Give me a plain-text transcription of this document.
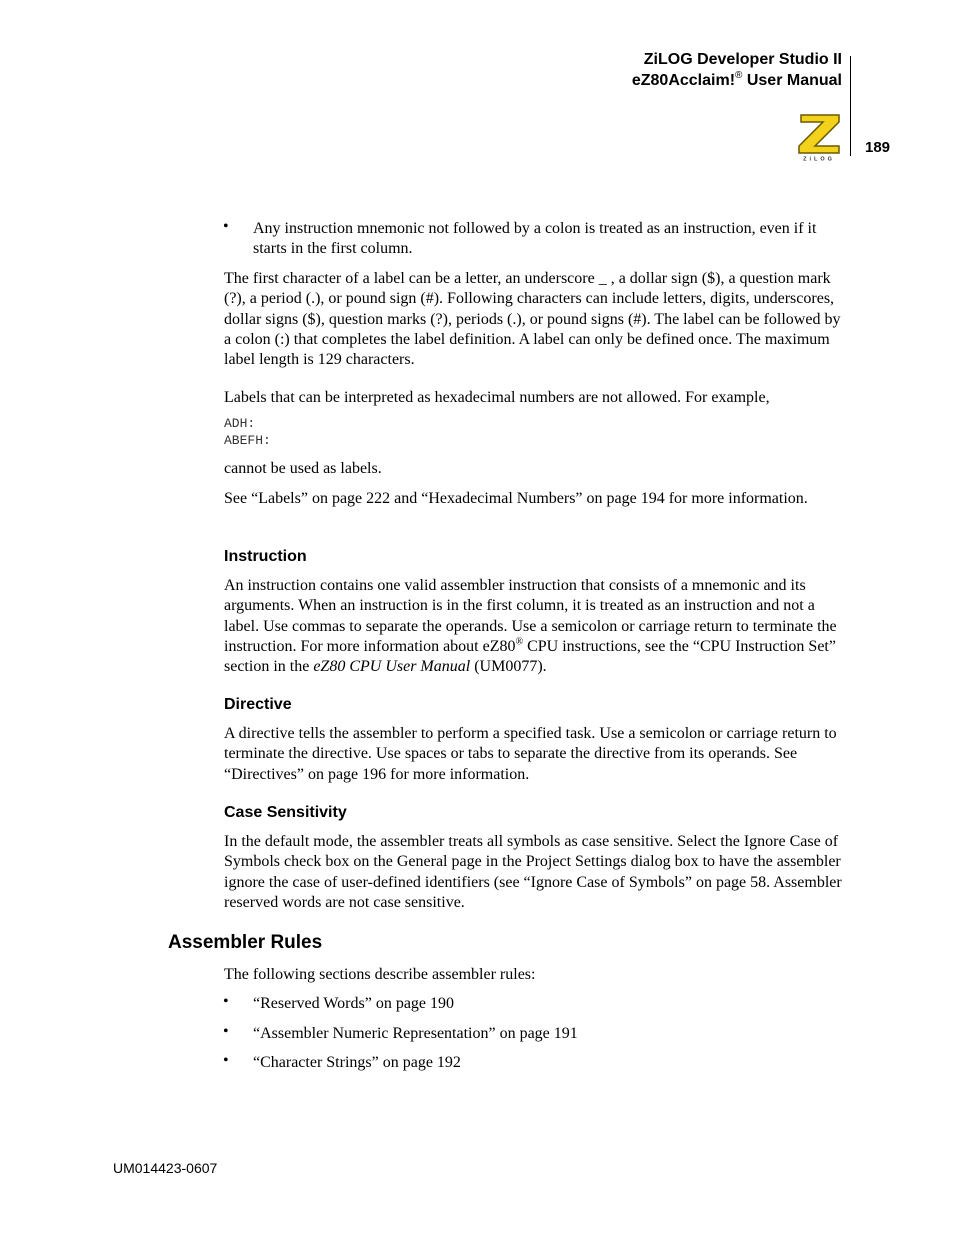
ZiLOG Developer Studio II
eZ80Acclaim!® User Manual
ZiLOG
189
• Any instruction mnemonic not followed by a colon is treated as an instruction, even if it starts in the first column.
The first character of a label can be a letter, an underscore _ , a dollar sign ($), a question mark (?), a period (.), or pound sign (#). Following characters can include letters, digits, underscores, dollar signs ($), question marks (?), periods (.), or pound signs (#). The label can be followed by a colon (:) that completes the label definition. A label can only be defined once. The maximum label length is 129 characters.
Labels that can be interpreted as hexadecimal numbers are not allowed. For example,
ADH:
ABEFH:
cannot be used as labels.
See “Labels” on page 222 and “Hexadecimal Numbers” on page 194 for more information.
Instruction
An instruction contains one valid assembler instruction that consists of a mnemonic and its arguments. When an instruction is in the first column, it is treated as an instruction and not a label. Use commas to separate the operands. Use a semicolon or carriage return to terminate the instruction. For more information about eZ80® CPU instructions, see the “CPU Instruction Set” section in the eZ80 CPU User Manual (UM0077).
Directive
A directive tells the assembler to perform a specified task. Use a semicolon or carriage return to terminate the directive. Use spaces or tabs to separate the directive from its operands. See “Directives” on page 196 for more information.
Case Sensitivity
In the default mode, the assembler treats all symbols as case sensitive. Select the Ignore Case of Symbols check box on the General page in the Project Settings dialog box to have the assembler ignore the case of user-defined identifiers (see “Ignore Case of Symbols” on page 58. Assembler reserved words are not case sensitive.
Assembler Rules
The following sections describe assembler rules:
• “Reserved Words” on page 190
• “Assembler Numeric Representation” on page 191
• “Character Strings” on page 192
UM014423-0607
